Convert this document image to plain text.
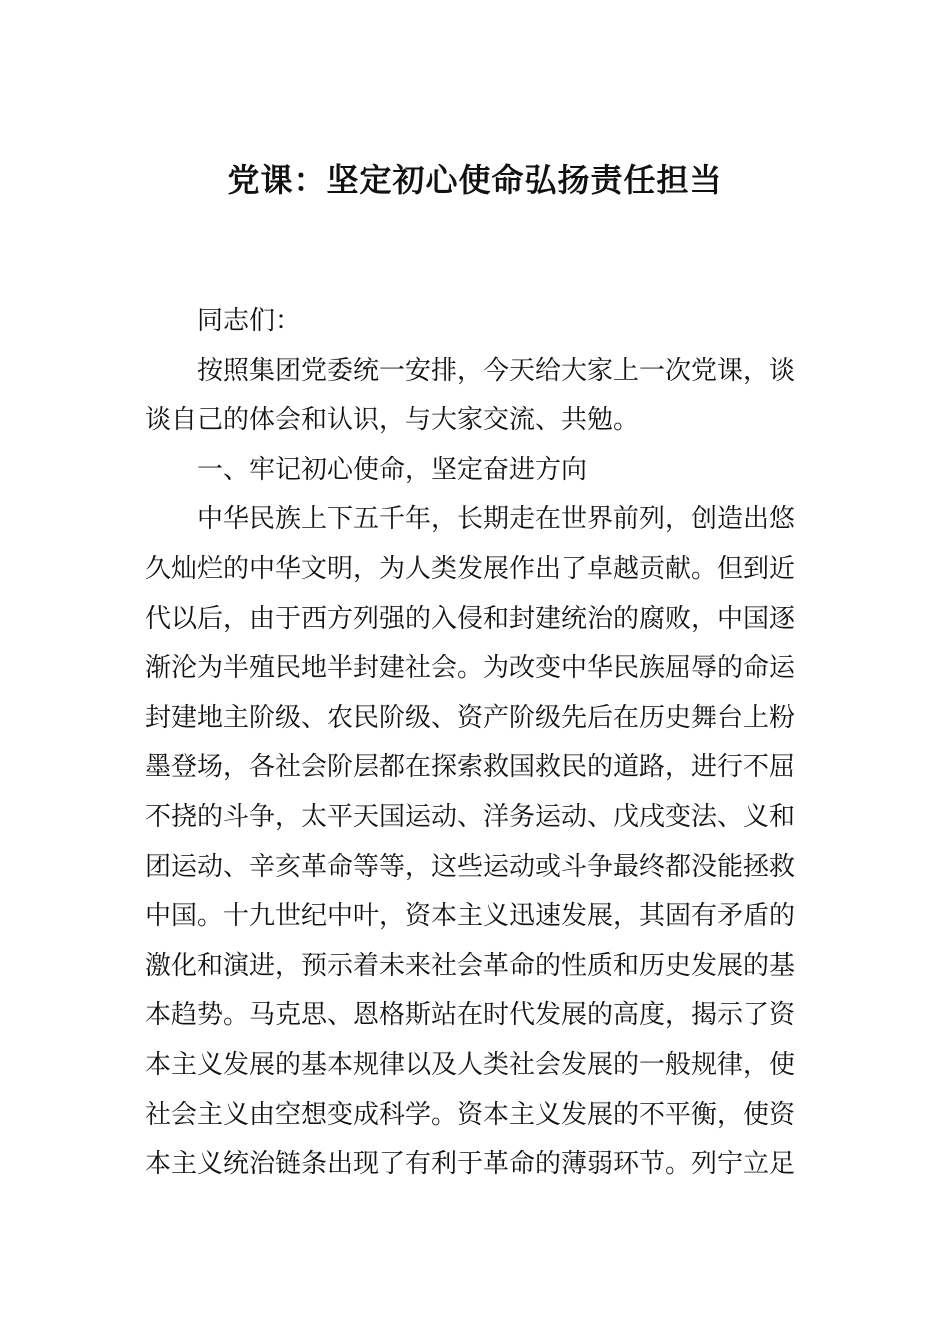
党课：坚定初心使命弘扬责任担当

同志们：

按照集团党委统一安排，今天给大家上一次党课，谈

谈自己的体会和认识，与大家交流、共勉。

一、牢记初心使命，坚定奋进方向

中华民族上下五千年，长期走在世界前列，创造出悠

久灿烂的中华文明，为人类发展作出了卓越贡献。但到近

代以后，由于西方列强的入侵和封建统治的腐败，中国逐

渐沦为半殖民地半封建社会。为改变中华民族屈辱的命运

封建地主阶级、农民阶级、资产阶级先后在历史舞台上粉

墨登场，各社会阶层都在探索救国救民的道路，进行不屈

不挠的斗争，太平天国运动、洋务运动、戊戌变法、义和

团运动、辛亥革命等等，这些运动或斗争最终都没能拯救

中国。十九世纪中叶，资本主义迅速发展，其固有矛盾的

激化和演进，预示着未来社会革命的性质和历史发展的基

本趋势。马克思、恩格斯站在时代发展的高度，揭示了资

本主义发展的基本规律以及人类社会发展的一般规律，使

社会主义由空想变成科学。资本主义发展的不平衡，使资

本主义统治链条出现了有利于革命的薄弱环节。列宁立足
